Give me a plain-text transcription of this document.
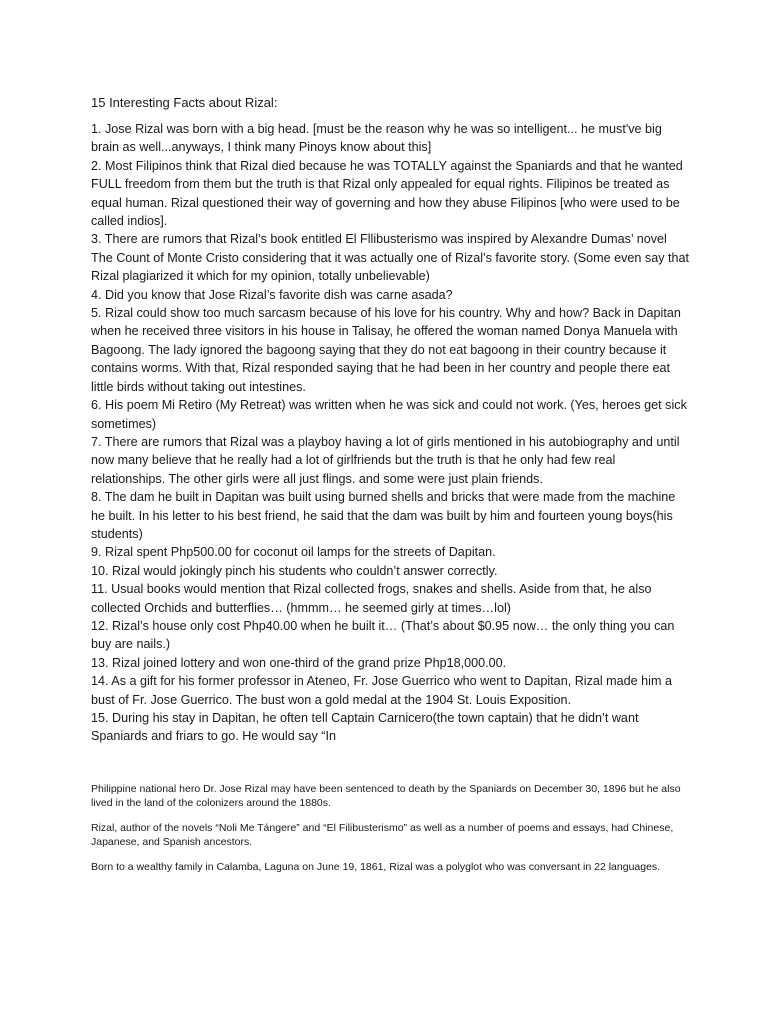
15 Interesting Facts about Rizal:
1. Jose Rizal was born with a big head. [must be the reason why he was so intelligent... he must've big brain as well...anyways, I think many Pinoys know about this]
2. Most Filipinos think that Rizal died because he was TOTALLY against the Spaniards and that he wanted FULL freedom from them but the truth is that Rizal only appealed for equal rights. Filipinos be treated as equal human. Rizal questioned their way of governing and how they abuse Filipinos [who were used to be called indios].
3. There are rumors that Rizal’s book entitled El Fllibusterismo was inspired by Alexandre Dumas’ novel The Count of Monte Cristo considering that it was actually one of Rizal’s favorite story. (Some even say that Rizal plagiarized it which for my opinion, totally unbelievable)
4. Did you know that Jose Rizal’s favorite dish was carne asada?
5. Rizal could show too much sarcasm because of his love for his country. Why and how? Back in Dapitan when he received three visitors in his house in Talisay, he offered the woman named Donya Manuela with Bagoong. The lady ignored the bagoong saying that they do not eat bagoong in their country because it contains worms. With that, Rizal responded saying that he had been in her country and people there eat little birds without taking out intestines.
6. His poem Mi Retiro (My Retreat) was written when he was sick and could not work. (Yes, heroes get sick sometimes)
7. There are rumors that Rizal was a playboy having a lot of girls mentioned in his autobiography and until now many believe that he really had a lot of girlfriends but the truth is that he only had few real relationships. The other girls were all just flings. and some were just plain friends.
8. The dam he built in Dapitan was built using burned shells and bricks that were made from the machine he built. In his letter to his best friend, he said that the dam was built by him and fourteen young boys(his students)
9. Rizal spent Php500.00 for coconut oil lamps for the streets of Dapitan.
10. Rizal would jokingly pinch his students who couldn’t answer correctly.
11. Usual books would mention that Rizal collected frogs, snakes and shells. Aside from that, he also collected Orchids and butterflies… (hmmm… he seemed girly at times…lol)
12. Rizal’s house only cost Php40.00 when he built it… (That’s about $0.95 now… the only thing you can buy are nails.)
13. Rizal joined lottery and won one-third of the grand prize Php18,000.00.
14. As a gift for his former professor in Ateneo, Fr. Jose Guerrico who went to Dapitan, Rizal made him a bust of Fr. Jose Guerrico. The bust won a gold medal at the 1904 St. Louis Exposition.
15. During his stay in Dapitan, he often tell Captain Carnicero(the town captain) that he didn’t want Spaniards and friars to go. He would say “In

Philippine national hero Dr. Jose Rizal may have been sentenced to death by the Spaniards on December 30, 1896 but he also lived in the land of the colonizers around the 1880s.

Rizal, author of the novels “Noli Me Tángere” and “El Filibusterismo” as well as a number of poems and essays, had Chinese, Japanese, and Spanish ancestors.

Born to a wealthy family in Calamba, Laguna on June 19, 1861, Rizal was a polyglot who was conversant in 22 languages.
